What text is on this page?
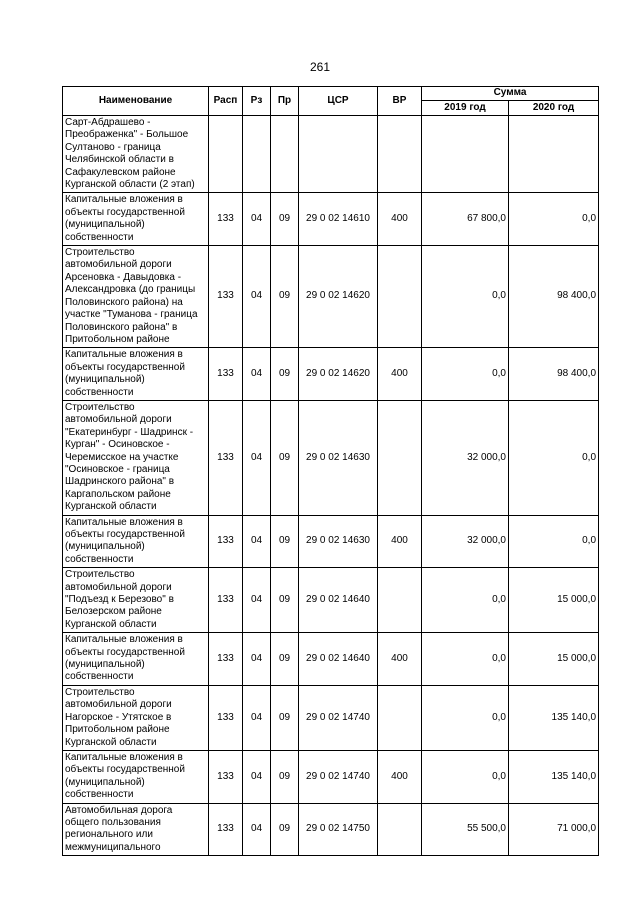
261
Наименование	Расп	Рз	Пр	ЦСР	ВР	Сумма	
						2019 год	2020 год
Сарт-Абдрашево - Преображенка" - Большое Султаново - граница Челябинской области в Сафакулевском районе Курганской области (2 этап)							
Капитальные вложения в объекты государственной (муниципальной) собственности	133	04	09	29 0 02 14610	400	67 800,0	0,0
Строительство автомобильной дороги Арсеновка - Давыдовка - Александровка (до границы Половинского района) на участке "Туманова - граница Половинского района" в Притобольном районе	133	04	09	29 0 02 14620		0,0	98 400,0
Капитальные вложения в объекты государственной (муниципальной) собственности	133	04	09	29 0 02 14620	400	0,0	98 400,0
Строительство автомобильной дороги "Екатеринбург - Шадринск - Курган" - Осиновское - Черемисское на участке "Осиновское - граница Шадринского района" в Каргапольском районе Курганской области	133	04	09	29 0 02 14630		32 000,0	0,0
Капитальные вложения в объекты государственной (муниципальной) собственности	133	04	09	29 0 02 14630	400	32 000,0	0,0
Строительство автомобильной дороги "Подъезд к Березово" в Белозерском районе Курганской области	133	04	09	29 0 02 14640		0,0	15 000,0
Капитальные вложения в объекты государственной (муниципальной) собственности	133	04	09	29 0 02 14640	400	0,0	15 000,0
Строительство автомобильной дороги Нагорское - Утятское в Притобольном районе Курганской области	133	04	09	29 0 02 14740		0,0	135 140,0
Капитальные вложения в объекты государственной (муниципальной) собственности	133	04	09	29 0 02 14740	400	0,0	135 140,0
Автомобильная дорога общего пользования регионального или межмуниципального	133	04	09	29 0 02 14750		55 500,0	71 000,0
